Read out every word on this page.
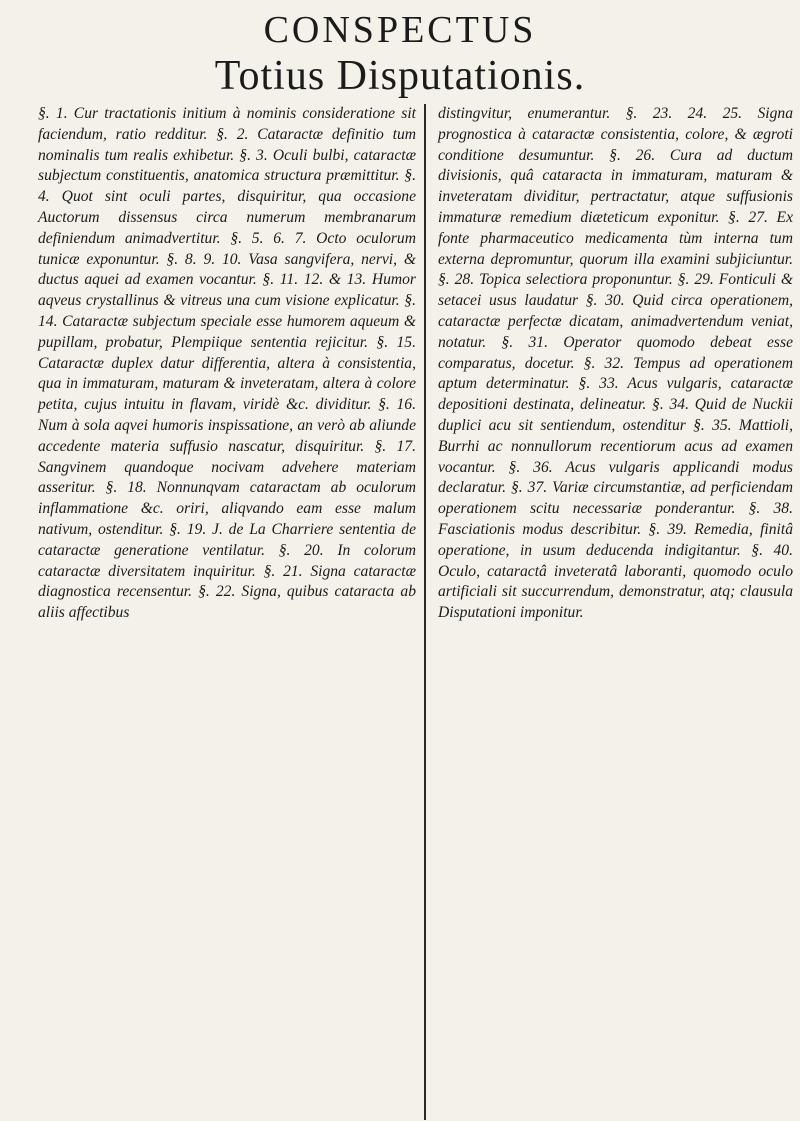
CONSPECTUS
Totius Disputationis.

§. 1. Cur tractationis initium à nominis consideratione sit faciendum, ratio redditur. §. 2. Cataractæ definitio tum nominalis tum realis exhibetur. §. 3. Oculi bulbi, cataractæ subjectum constituentis, anatomica structura præmittitur. §. 4. Quot sint oculi partes, disquiritur, qua occasione Auctorum dissensus circa numerum membranarum definiendum animadvertitur. §. 5. 6. 7. Octo oculorum tunicæ exponuntur. §. 8. 9. 10. Vasa sangvifera, nervi, & ductus aquei ad examen vocantur. §. 11. 12. & 13. Humor aqveus crystallinus & vitreus una cum visione explicatur. §. 14. Cataractæ subjectum speciale esse humorem aqueum & pupillam, probatur, Plempiique sententia rejicitur. §. 15. Cataractæ duplex datur differentia, altera à consistentia, qua in immaturam, maturam & inveteratam, altera à colore petita, cujus intuitu in flavam, viridè &c. dividitur. §. 16. Num à sola aqvei humoris inspissatione, an verò ab aliunde accedente materia suffusio nascatur, disquiritur. §. 17. Sangvinem quandoque nocivam advehere materiam asseritur. §. 18. Nonnunqvam cataractam ab oculorum inflammatione &c. oriri, aliqvando eam esse malum nativum, ostenditur. §. 19. J. de La Charriere sententia de cataractæ generatione ventilatur. §. 20. In colorum cataractæ diversitatem inquiritur. §. 21. Signa cataractæ diagnostica recensentur. §. 22. Signa, quibus cataracta ab aliis affectibus

distingvitur, enumerantur. §. 23. 24. 25. Signa prognostica à cataractæ consistentia, colore, & ægroti conditione desumuntur. §. 26. Cura ad ductum divisionis, quâ cataracta in immaturam, maturam & inveteratam dividitur, pertractatur, atque suffusionis immaturæ remedium diæteticum exponitur. §. 27. Ex fonte pharmaceutico medicamenta tùm interna tum externa depromuntur, quorum illa examini subjiciuntur. §. 28. Topica selectiora proponuntur. §. 29. Fonticuli & setacei usus laudatur §. 30. Quid circa operationem, cataractæ perfectæ dicatam, animadvertendum veniat, notatur. §. 31. Operator quomodo debeat esse comparatus, docetur. §. 32. Tempus ad operationem aptum determinatur. §. 33. Acus vulgaris, cataractæ depositioni destinata, delineatur. §. 34. Quid de Nuckii duplici acu sit sentiendum, ostenditur §. 35. Mattioli, Burrhi ac nonnullorum recentiorum acus ad examen vocantur. §. 36. Acus vulgaris applicandi modus declaratur. §. 37. Variæ circumstantiæ, ad perficiendam operationem scitu necessariæ ponderantur. §. 38. Fasciationis modus describitur. §. 39. Remedia, finitâ operatione, in usum deducenda indigitantur. §. 40. Oculo, cataractâ inveteratâ laboranti, quomodo oculo artificiali sit succurrendum, demonstratur, atq; clausula Disputationi imponitur.
